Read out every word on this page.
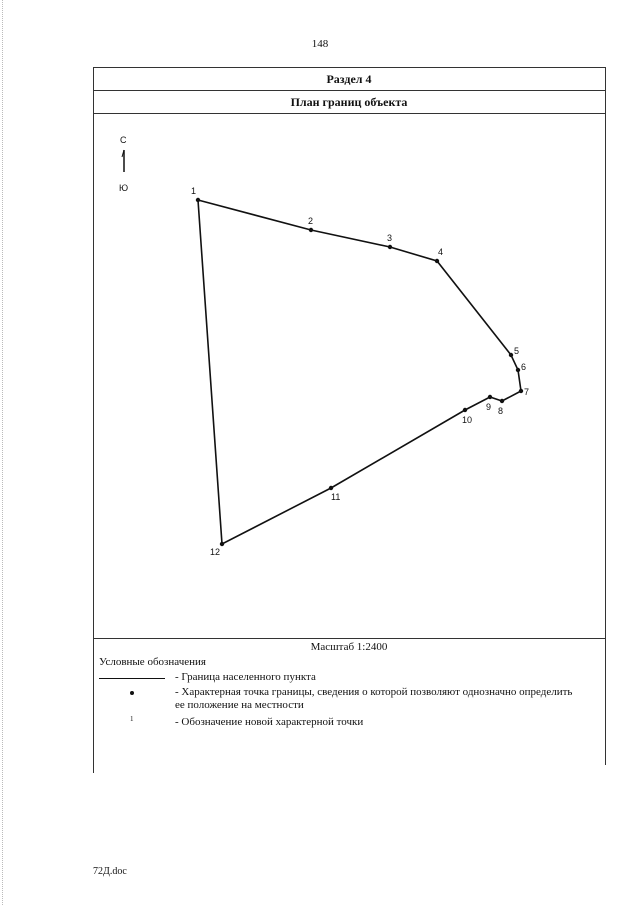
148
Раздел 4
План границ объекта
С
Ю	1
2
3
4
5
6
7
8
9
10
11
12
Масштаб 1:2400
Условные обозначения
- Граница населенного пункта
- Характерная точка границы, сведения о которой позволяют однозначно определить ее положение на местности
1	- Обозначение новой характерной точки
72Д.doc
